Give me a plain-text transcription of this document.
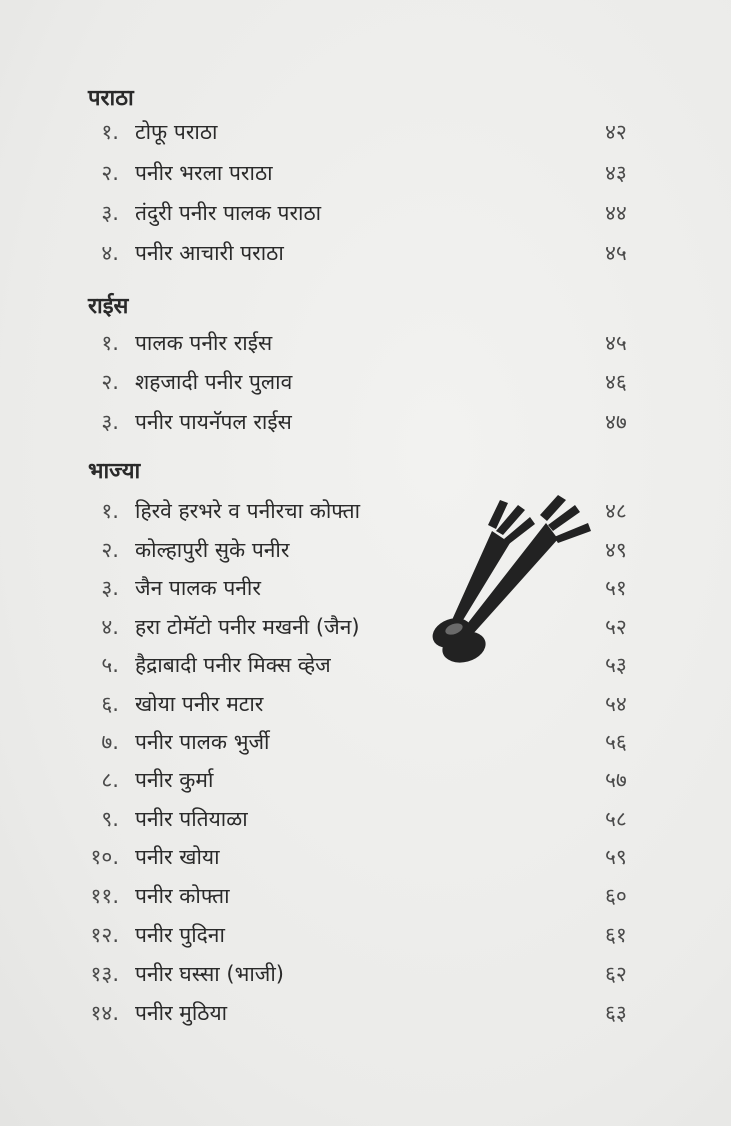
पराठा
१. टोफू पराठा	४२
२. पनीर भरला पराठा	४३
३. तंदुरी पनीर पालक पराठा	४४
४. पनीर आचारी पराठा	४५
राईस
१. पालक पनीर राईस	४५
२. शहजादी पनीर पुलाव	४६
३. पनीर पायनॅपल राईस	४७
भाज्या
१. हिरवे हरभरे व पनीरचा कोफ्ता	४८
२. कोल्हापुरी सुके पनीर	४९
३. जैन पालक पनीर	५१
४. हरा टोमॅटो पनीर मखनी (जैन)	५२
५. हैद्राबादी पनीर मिक्स व्हेज	५३
६. खोया पनीर मटार	५४
७. पनीर पालक भुर्जी	५६
८. पनीर कुर्मा	५७
९. पनीर पतियाळा	५८
१०. पनीर खोया	५९
११. पनीर कोफ्ता	६०
१२. पनीर पुदिना	६१
१३. पनीर घस्सा (भाजी)	६२
१४. पनीर मुठिया	६३
